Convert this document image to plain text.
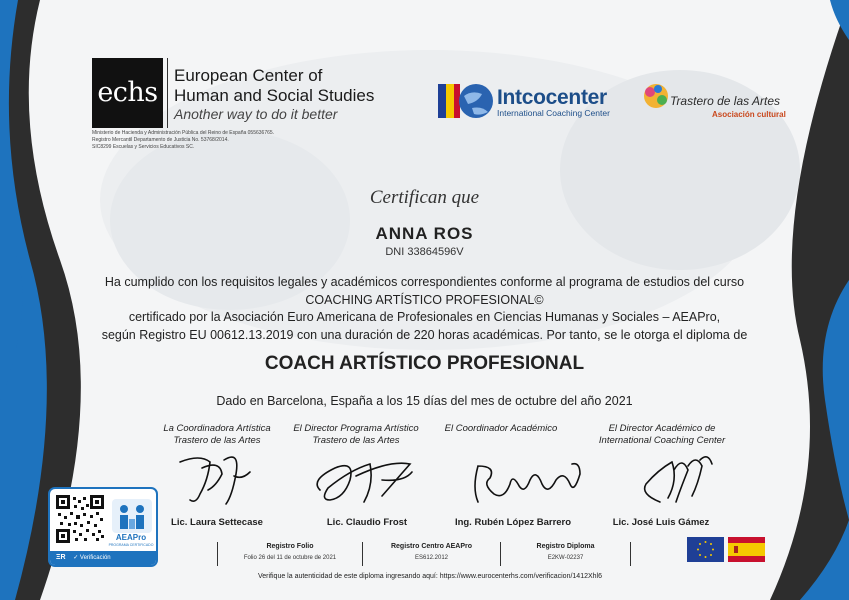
echs
European Center of
Human and Social Studies
Another way to do it better
Ministerio de Hacienda y Administración Pública del Reino de España 055636765.
Registro Mercantil Departamento de Justicia No. 53768/2014.
SIC8299 Escuelas y Servicios Educativos SC.
Intcocenter
International Coaching Center
Trastero de las Artes
Asociación cultural
Certifican que
ANNA ROS
DNI 33864596V
Ha cumplido con los requisitos legales y académicos correspondientes conforme al programa de estudios del curso
COACHING ARTÍSTICO PROFESIONAL©
certificado por la Asociación Euro Americana de Profesionales en Ciencias Humanas y Sociales – AEAPro,
según Registro EU 00612.13.2019 con una duración de 220 horas académicas. Por tanto, se le otorga el diploma de
COACH ARTÍSTICO PROFESIONAL
Dado en Barcelona, España a los 15 días del mes de octubre del año 2021
La Coordinadora Artística
Trastero de las Artes
El Director Programa Artístico
Trastero de las Artes
El Coordinador Académico	El Director Académico de
International Coaching Center
Lic. Laura Settecase	Lic. Claudio Frost	Ing. Rubén López Barrero	Lic. José Luis Gámez
Registro Folio
Folio 26 del 11 de octubre de 2021
Registro Centro AEAPro
ES612.2012
Registro Diploma
E2KW-02237
Verifique la autenticidad de este diploma ingresando aquí: https://www.eurocenterhs.com/verificacion/1412Xhl6
AEAPro
PROGRAMA CERTIFICADO
ΞR ✓ Verificación
